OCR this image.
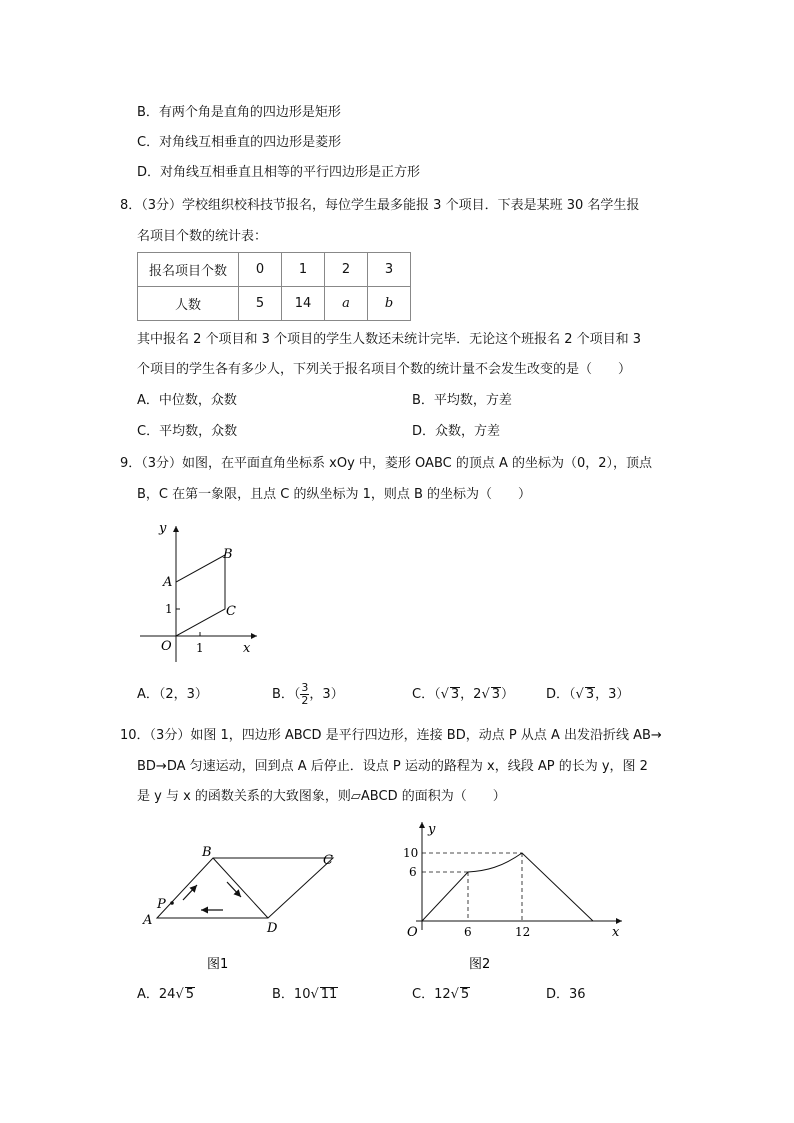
B．有两个角是直角的四边形是矩形
C．对角线互相垂直的四边形是菱形
D．对角线互相垂直且相等的平行四边形是正方形
8．（3分）学校组织校科技节报名，每位学生最多能报 3 个项目．下表是某班 30 名学生报
名项目个数的统计表：
报名项目个数	0	1	2	3
人数	5	14	a	b
其中报名 2 个项目和 3 个项目的学生人数还未统计完毕．无论这个班报名 2 个项目和 3
个项目的学生各有多少人，下列关于报名项目个数的统计量不会发生改变的是（　　）
A．中位数，众数	B．平均数，方差
C．平均数，众数	D．众数，方差
9．（3分）如图，在平面直角坐标系 xOy 中，菱形 OABC 的顶点 A 的坐标为（0，2），顶点
B，C 在第一象限，且点 C 的纵坐标为 1，则点 B 的坐标为（　　）
y
x
O
A
B
C
1
1
A．（2，3）	B．（ $\frac{3}{2}$ ，3）	C．（√ 3，2√ 3） D．（√ 3，3）
10．（3分）如图 1，四边形 ABCD 是平行四边形，连接 BD，动点 P 从点 A 出发沿折线 AB→
BD→DA 匀速运动，回到点 A 后停止．设点 P 运动的路程为 x，线段 AP 的长为 y，图 2
是 y 与 x 的函数关系的大致图象，则▱ABCD 的面积为（　　）
A
B
C
D
P
图1
y
x
O
10
6
6	12
图2
A．24√ 5	B．10√ 11	C．12√ 5	D．36
